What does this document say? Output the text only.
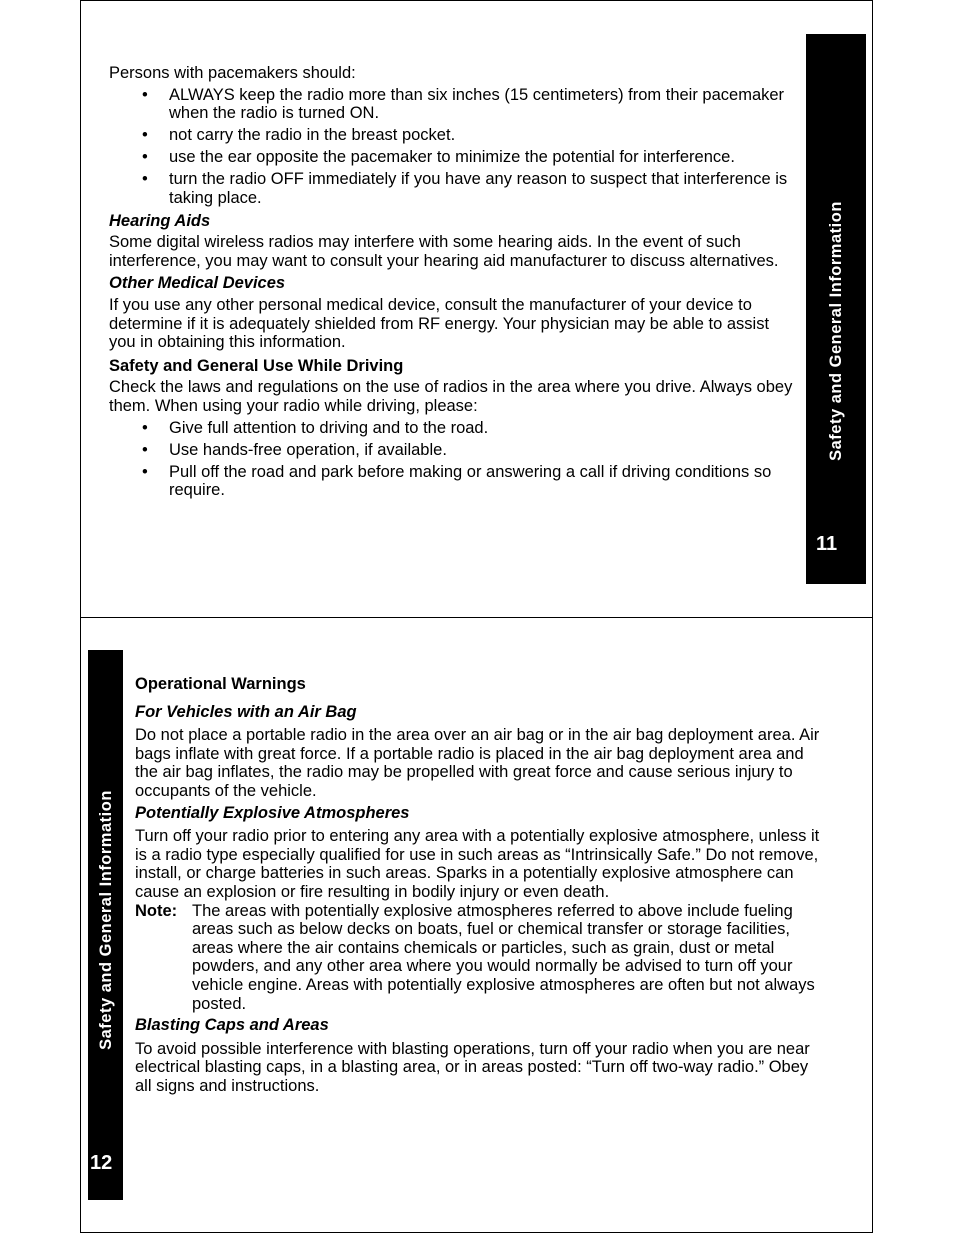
Safety and General Information
11

Persons with pacemakers should:

• ALWAYS keep the radio more than six inches (15 centimeters) from their pacemaker when the radio is turned ON.
• not carry the radio in the breast pocket.
• use the ear opposite the pacemaker to minimize the potential for interference.
• turn the radio OFF immediately if you have any reason to suspect that interference is taking place.

Hearing Aids

Some digital wireless radios may interfere with some hearing aids. In the event of such interference, you may want to consult your hearing aid manufacturer to discuss alternatives.

Other Medical Devices

If you use any other personal medical device, consult the manufacturer of your device to determine if it is adequately shielded from RF energy. Your physician may be able to assist you in obtaining this information.

Safety and General Use While Driving

Check the laws and regulations on the use of radios in the area where you drive. Always obey them. When using your radio while driving, please:

• Give full attention to driving and to the road.
• Use hands-free operation, if available.
• Pull off the road and park before making or answering a call if driving conditions so require.
Safety and General Information
12

Operational Warnings

For Vehicles with an Air Bag

Do not place a portable radio in the area over an air bag or in the air bag deployment area. Air bags inflate with great force. If a portable radio is placed in the air bag deployment area and the air bag inflates, the radio may be propelled with great force and cause serious injury to occupants of the vehicle.

Potentially Explosive Atmospheres

Turn off your radio prior to entering any area with a potentially explosive atmosphere, unless it is a radio type especially qualified for use in such areas as “Intrinsically Safe.” Do not remove, install, or charge batteries in such areas. Sparks in a potentially explosive atmosphere can cause an explosion or fire resulting in bodily injury or even death.

Note: The areas with potentially explosive atmospheres referred to above include fueling areas such as below decks on boats, fuel or chemical transfer or storage facilities, areas where the air contains chemicals or particles, such as grain, dust or metal powders, and any other area where you would normally be advised to turn off your vehicle engine. Areas with potentially explosive atmospheres are often but not always posted.

Blasting Caps and Areas

To avoid possible interference with blasting operations, turn off your radio when you are near electrical blasting caps, in a blasting area, or in areas posted: “Turn off two-way radio.” Obey all signs and instructions.
